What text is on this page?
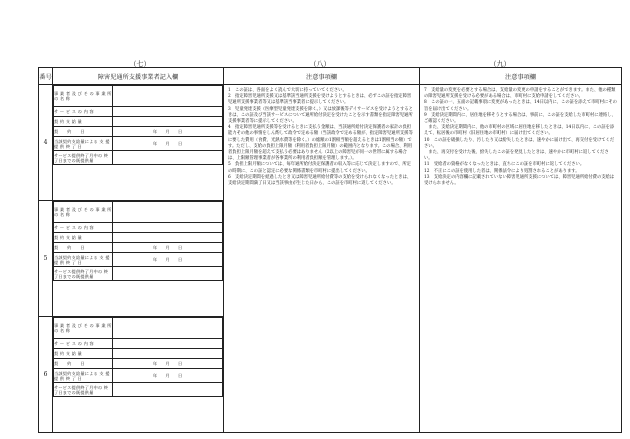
（七）	（八）	（九）
番号	障害児通所支援事業者記入欄	注意事項欄	注意事項欄
4	
事 業 者 及 び そ の 事 業 所 の 名 称	
サ ー ビ ス の 内 容	
契 約 支 給 量	
契　　約　　日	年　　月　　日
当該契約支給量による 支 援 提 供 終 了 日	年　　月　　日
サービス提供終了月中の 終了日までの既提供量	

1　この証は、各面をよく読んで大切に持っていてください。

2　指定障害児通所支援又は基準該当通所支援を受けようとするときは、必ずこの証を指定障害児通所支援事業者等又は基準該当事業者に提示してください。

3　児童発達支援（医療型児童発達支援を除く。）又は放課後等デイサービスを受けようとするときは、この証及び当該サービスについて通所給付決定を受けたことを示す書類を指定障害児通所支援事業者等に提示してください。

4　指定障害児通所支援等を受けるときに支払う金額は、当該通所給付決定保護者の家計の負担能力その他の事情をしん酌して政令で定める額（当該政令で定める額が、指定障害児通所支援等に要した費用（食費、光熱水費等を除く。）の総額の1割相当額を超えるときは1割相当の額）です。ただし、支給の負担上限月額（利用者負担上限月額）の範囲内となります。この場合、利用者負担上限月額を超えて支払う必要はありません（2以上の障害児が同一の世帯に属する場合は、上限額管理事業者が各事業所の利用者負担額を管理します。）。

5　負担上限月額については、毎年通所給付決定保護者の収入等に応じて決定しますので、所定の時期に、この証と認定に必要な関係書類を市町村に提出してください。

6　支給決定期間を経過したとき又は障害児通所給付費等の支給を受けられなくなったときは、支給決定期間満了日又は当該事由が生じた日から、この証を市町村に返してください。

7　支給量の変更を必要とする場合は、支給量の変更の申請をすることができます。また、他の種類の障害児通所支援を受ける必要がある場合は、市町村に支給申請をしてください。

8　この証の一、五面の記載事項に変更があったときは、14日以内に、この証を添えて市町村にその旨を届け出てください。

9　支給決定期間内に、居住地を移そうとする場合は、事前に、この証を支給した市町村に連絡し、ご確認ください。

　また、支給決定期間内に、他の市町村の区域に居住地を移したときは、14日以内に、この証を添えて、転居後の市町村（旧居住地の市町村）に届け出てください。

10　この証を破損したり、汚したり又は紛失したときは、速やかに届け出て、再交付を受けてください。

　また、再交付を受けた後、紛失したこの証を発見したときは、速やかに市町村に返してください。

11　受給者の資格がなくなったときは、直ちにこの証を市町村に返してください。

12　不正にこの証を使用した者は、関係法令により処罰されることがあります。

13　支給決定の内容欄に記載されていない障害児通所支援については、障害児通所給付費の支給は受けられません。

5	
事 業 者 及 び そ の 事 業 所 の 名 称	
サ ー ビ ス の 内 容	
契 約 支 給 量	
契　　約　　日	年　　月　　日
当該契約支給量による 支 援 提 供 終 了 日	年　　月　　日
サービス提供終了月中の 終了日までの既提供量	

6	
事 業 者 及 び そ の 事 業 所 の 名 称	
サ ー ビ ス の 内 容	
契 約 支 給 量	
契　　約　　日	年　　月　　日
当該契約支給量による 支 援 提 供 終 了 日	年　　月　　日
サービス提供終了月中の 終了日までの既提供量	
